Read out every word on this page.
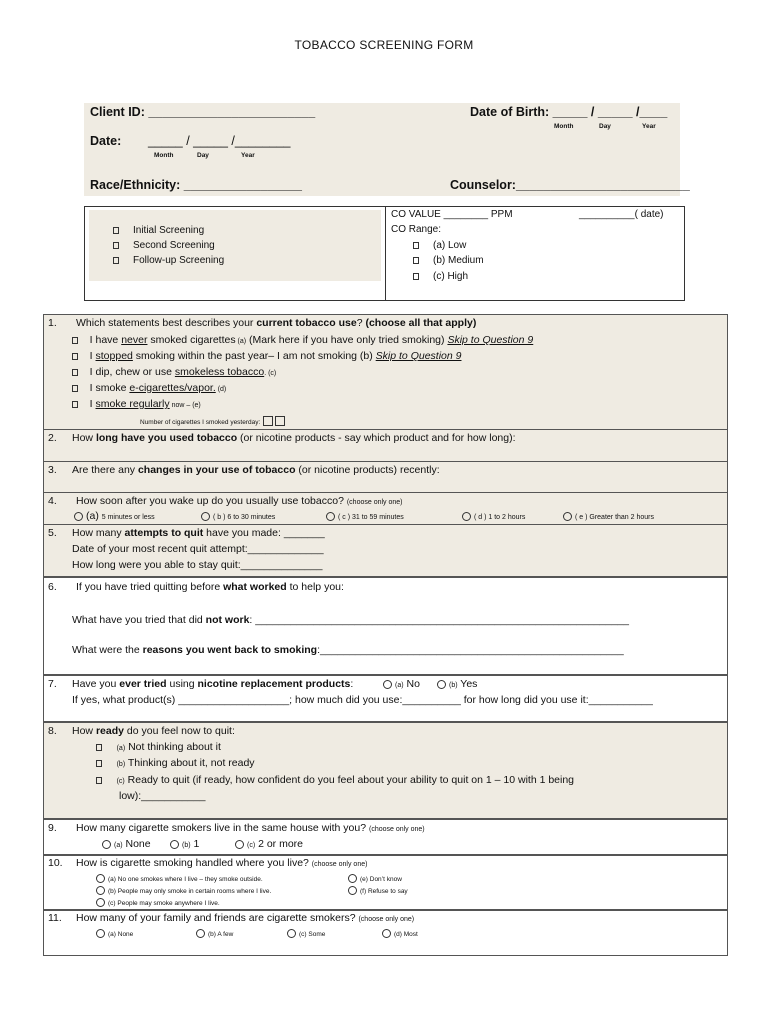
TOBACCO SCREENING FORM
Client ID: ________________________	Date of Birth: _____ / _____ /____
Month	Day	Year
Date: _____ / _____ /________
Month	Day	Year
Race/Ethnicity: _________________	Counselor:_________________________
Initial Screening
Second Screening
Follow-up Screening
CO VALUE ________ PPM	__________( date)
CO Range:
(a) Low
(b) Medium
(c) High
1. Which statements best describes your current tobacco use? (choose all that apply)
I have never smoked cigarettes (a) (Mark here if you have only tried smoking) Skip to Question 9
I stopped smoking within the past year– I am not smoking (b) Skip to Question 9
I dip, chew or use smokeless tobacco. (c)
I smoke e-cigarettes/vapor. (d)
I smoke regularly now – (e)
Number of cigarettes I smoked yesterday:
2. How long have you used tobacco (or nicotine products - say which product and for how long):
3. Are there any changes in your use of tobacco (or nicotine products) recently:
4. How soon after you wake up do you usually use tobacco? (choose only one)
(a) 5 minutes or less	( b ) 6 to 30 minutes	( c ) 31 to 59 minutes	( d ) 1 to 2 hours	( e ) Greater than 2 hours
5. How many attempts to quit have you made: _______
Date of your most recent quit attempt:_____________
How long were you able to stay quit:______________
6. If you have tried quitting before what worked to help you:
What have you tried that did not work: ________________________________________________________________
What were the reasons you went back to smoking:____________________________________________________
7. Have you ever tried using nicotine replacement products:	(a) No	(b) Yes
If yes, what product(s) ___________________; how much did you use:__________ for how long did you use it:___________
8. How ready do you feel now to quit:
(a) Not thinking about it
(b) Thinking about it, not ready
(c) Ready to quit (if ready, how confident do you feel about your ability to quit on 1 – 10 with 1 being
low):___________
9. How many cigarette smokers live in the same house with you? (choose only one)
(a) None	(b) 1	(c) 2 or more
10. How is cigarette smoking handled where you live? (choose only one)
(a) No one smokes where I live – they smoke outside.	(e) Don’t know
(b) People may only smoke in certain rooms where I live.	(f) Refuse to say
(c) People may smoke anywhere I live.
11. How many of your family and friends are cigarette smokers? (choose only one)
(a) None	(b) A few	(c) Some	(d) Most
